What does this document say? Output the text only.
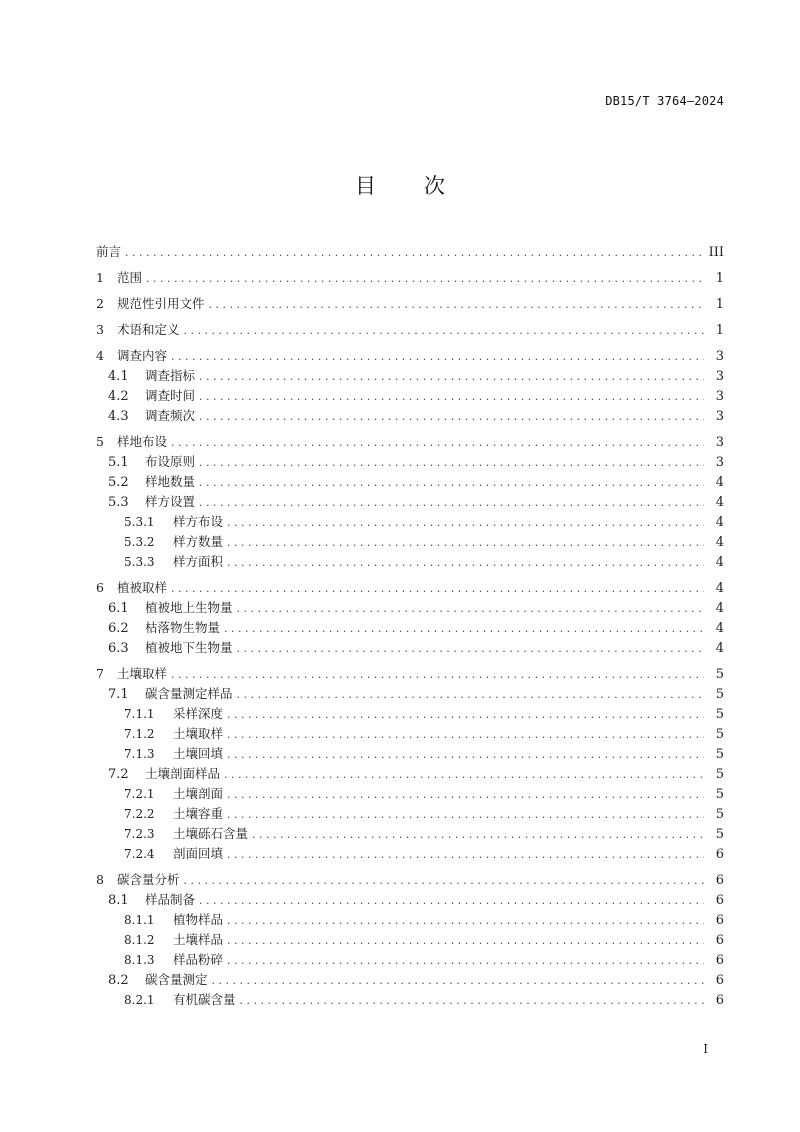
DB15/T 3764—2024
目 次
前言 . . .	III
1	范围 . . .	1
2	规范性引用文件 . . .	1
3	术语和定义 . . .	1
4	调查内容 . . .	3
4.1	调查指标 . . .	3
4.2	调查时间 . . .	3
4.3	调查频次 . . .	3
5	样地布设 . . .	3
5.1	布设原则 . . .	3
5.2	样地数量 . . .	4
5.3	样方设置 . . .	4
5.3.1	样方布设 . . .	4
5.3.2	样方数量 . . .	4
5.3.3	样方面积 . . .	4
6	植被取样 . . .	4
6.1	植被地上生物量 . . .	4
6.2	枯落物生物量 . . .	4
6.3	植被地下生物量 . . .	4
7	土壤取样 . . .	5
7.1	碳含量测定样品 . . .	5
7.1.1	采样深度 . . .	5
7.1.2	土壤取样 . . .	5
7.1.3	土壤回填 . . .	5
7.2	土壤剖面样品 . . .	5
7.2.1	土壤剖面 . . .	5
7.2.2	土壤容重 . . .	5
7.2.3	土壤砾石含量 . . .	5
7.2.4	剖面回填 . . .	6
8	碳含量分析 . . .	6
8.1	样品制备 . . .	6
8.1.1	植物样品 . . .	6
8.1.2	土壤样品 . . .	6
8.1.3	样品粉碎 . . .	6
8.2	碳含量测定 . . .	6
8.2.1	有机碳含量 . . .	6
I
